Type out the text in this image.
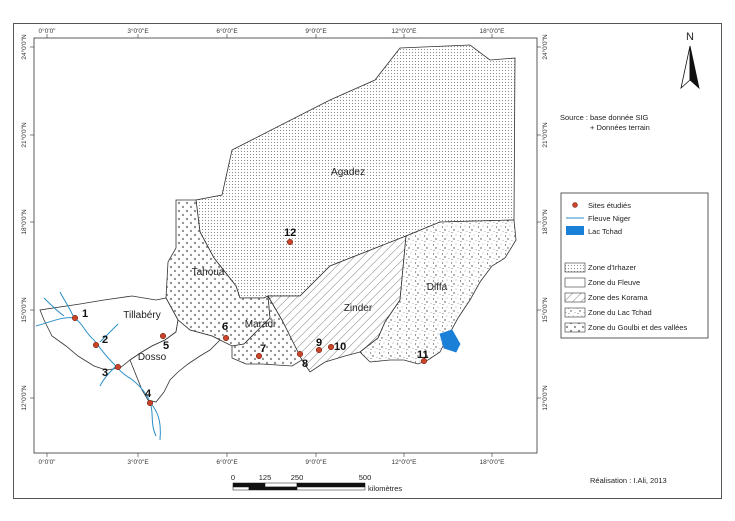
0°0'0"	3°0'0"E	6°0'0"E	9°0'0"E	12°0'0"E	18°0'0"E
0°0'0"	3°0'0"E	6°0'0"E	9°0'0"E	12°0'0"E	18°0'0"E
24°0'0"N
21°0'0"N
18°0'0"N
15°0'0"N
12°0'0"N
24°0'0"N
21°0'0"N
18°0'0"N
15°0'0"N
12°0'0"N
Agadez
Tahoua
Tillabéry
Dosso
Maradi
Zinder
Diffa
1
2
3
4
5
6
7
8
9 10
11
12
N
Source : base donnée SIG
+ Données terrain
Sites étudiés
Fleuve Niger
Lac Tchad
Zone d'Irhazer
Zone du Fleuve
Zone des Korama
Zone du Lac Tchad
Zone du Goulbi et des vallées
0	125	250	500
kilomètres
Réalisation : I.Ali, 2013
